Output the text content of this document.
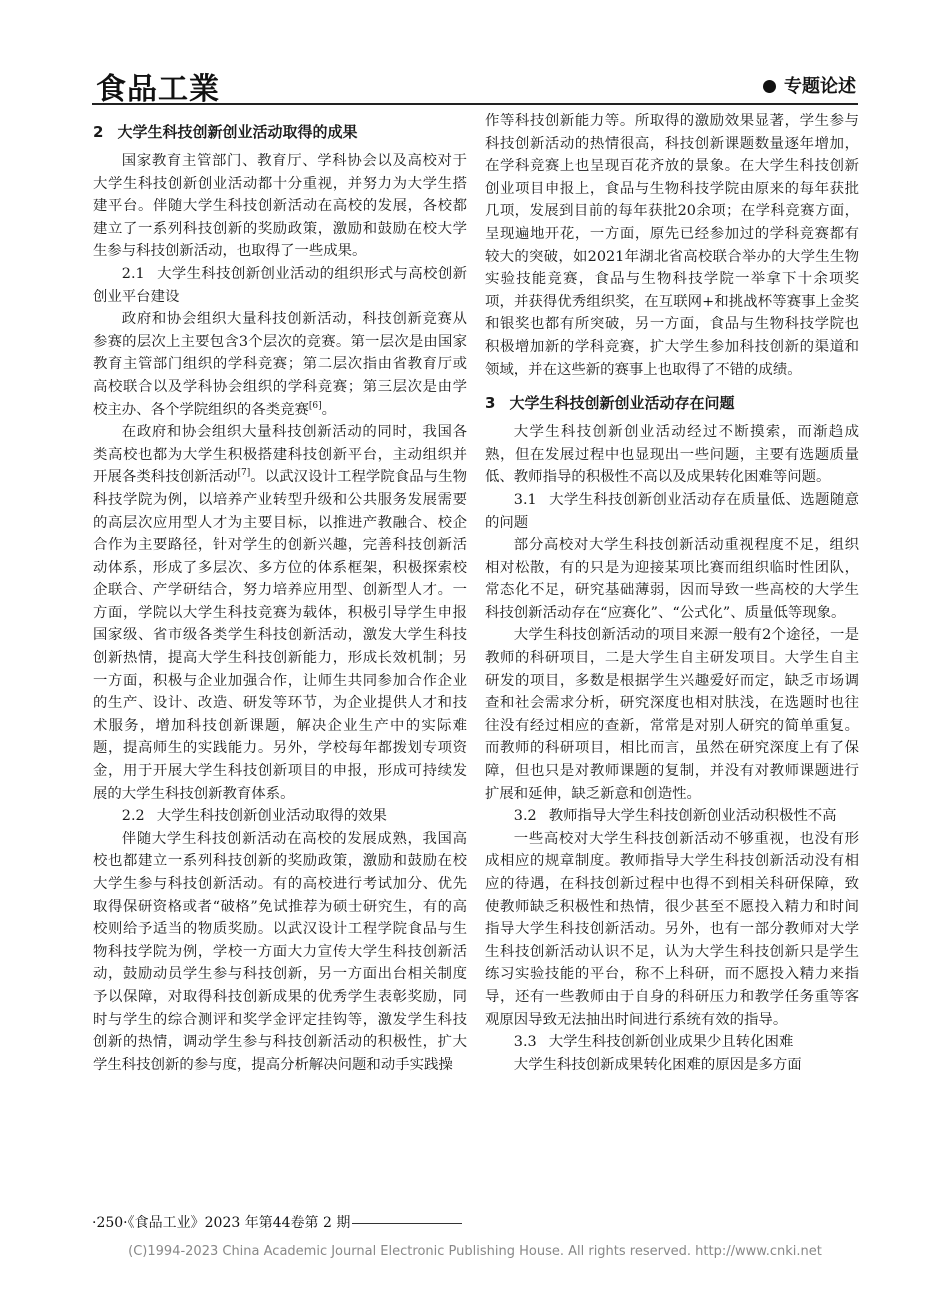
食品工業	专题论述
2 大学生科技创新创业活动取得的成果

国家教育主管部门、教育厅、学科协会以及高校对于大学生科技创新创业活动都十分重视，并努力为大学生搭建平台。伴随大学生科技创新活动在高校的发展，各校都建立了一系列科技创新的奖励政策，激励和鼓励在校大学生参与科技创新活动，也取得了一些成果。

2.1 大学生科技创新创业活动的组织形式与高校创新创业平台建设

政府和协会组织大量科技创新活动，科技创新竞赛从参赛的层次上主要包含3个层次的竞赛。第一层次是由国家教育主管部门组织的学科竞赛；第二层次指由省教育厅或高校联合以及学科协会组织的学科竞赛；第三层次是由学校主办、各个学院组织的各类竞赛[6]。

在政府和协会组织大量科技创新活动的同时，我国各类高校也都为大学生积极搭建科技创新平台，主动组织并开展各类科技创新活动[7]。以武汉设计工程学院食品与生物科技学院为例，以培养产业转型升级和公共服务发展需要的高层次应用型人才为主要目标，以推进产教融合、校企合作为主要路径，针对学生的创新兴趣，完善科技创新活动体系，形成了多层次、多方位的体系框架，积极探索校企联合、产学研结合，努力培养应用型、创新型人才。一方面，学院以大学生科技竞赛为载体，积极引导学生申报国家级、省市级各类学生科技创新活动，激发大学生科技创新热情，提高大学生科技创新能力，形成长效机制；另一方面，积极与企业加强合作，让师生共同参加合作企业的生产、设计、改造、研发等环节，为企业提供人才和技术服务，增加科技创新课题，解决企业生产中的实际难题，提高师生的实践能力。另外，学校每年都拨划专项资金，用于开展大学生科技创新项目的申报，形成可持续发展的大学生科技创新教育体系。

2.2 大学生科技创新创业活动取得的效果

伴随大学生科技创新活动在高校的发展成熟，我国高校也都建立一系列科技创新的奖励政策，激励和鼓励在校大学生参与科技创新活动。有的高校进行考试加分、优先取得保研资格或者“破格”免试推荐为硕士研究生，有的高校则给予适当的物质奖励。以武汉设计工程学院食品与生物科技学院为例，学校一方面大力宣传大学生科技创新活动，鼓励动员学生参与科技创新，另一方面出台相关制度予以保障，对取得科技创新成果的优秀学生表彰奖励，同时与学生的综合测评和奖学金评定挂钩等，激发学生科技创新的热情，调动学生参与科技创新活动的积极性，扩大学生科技创新的参与度，提高分析解决问题和动手实践操

作等科技创新能力等。所取得的激励效果显著，学生参与科技创新活动的热情很高，科技创新课题数量逐年增加，在学科竞赛上也呈现百花齐放的景象。在大学生科技创新创业项目申报上，食品与生物科技学院由原来的每年获批几项，发展到目前的每年获批20余项；在学科竞赛方面，呈现遍地开花，一方面，原先已经参加过的学科竞赛都有较大的突破，如2021年湖北省高校联合举办的大学生生物实验技能竞赛，食品与生物科技学院一举拿下十余项奖项，并获得优秀组织奖，在互联网+和挑战杯等赛事上金奖和银奖也都有所突破，另一方面，食品与生物科技学院也积极增加新的学科竞赛，扩大学生参加科技创新的渠道和领域，并在这些新的赛事上也取得了不错的成绩。

3 大学生科技创新创业活动存在问题

大学生科技创新创业活动经过不断摸索，而渐趋成熟，但在发展过程中也显现出一些问题，主要有选题质量低、教师指导的积极性不高以及成果转化困难等问题。

3.1 大学生科技创新创业活动存在质量低、选题随意的问题

部分高校对大学生科技创新活动重视程度不足，组织相对松散，有的只是为迎接某项比赛而组织临时性团队，常态化不足，研究基础薄弱，因而导致一些高校的大学生科技创新活动存在“应赛化”、“公式化”、质量低等现象。

大学生科技创新活动的项目来源一般有2个途径，一是教师的科研项目，二是大学生自主研发项目。大学生自主研发的项目，多数是根据学生兴趣爱好而定，缺乏市场调查和社会需求分析，研究深度也相对肤浅，在选题时也往往没有经过相应的查新，常常是对别人研究的简单重复。而教师的科研项目，相比而言，虽然在研究深度上有了保障，但也只是对教师课题的复制，并没有对教师课题进行扩展和延伸，缺乏新意和创造性。

3.2 教师指导大学生科技创新创业活动积极性不高

一些高校对大学生科技创新活动不够重视，也没有形成相应的规章制度。教师指导大学生科技创新活动没有相应的待遇，在科技创新过程中也得不到相关科研保障，致使教师缺乏积极性和热情，很少甚至不愿投入精力和时间指导大学生科技创新活动。另外，也有一部分教师对大学生科技创新活动认识不足，认为大学生科技创新只是学生练习实验技能的平台，称不上科研，而不愿投入精力来指导，还有一些教师由于自身的科研压力和教学任务重等客观原因导致无法抽出时间进行系统有效的指导。

3.3 大学生科技创新创业成果少且转化困难

大学生科技创新成果转化困难的原因是多方面

·250·《食品工业》2023 年第44卷第 2 期
(C)1994-2023 China Academic Journal Electronic Publishing House. All rights reserved. http://www.cnki.net
